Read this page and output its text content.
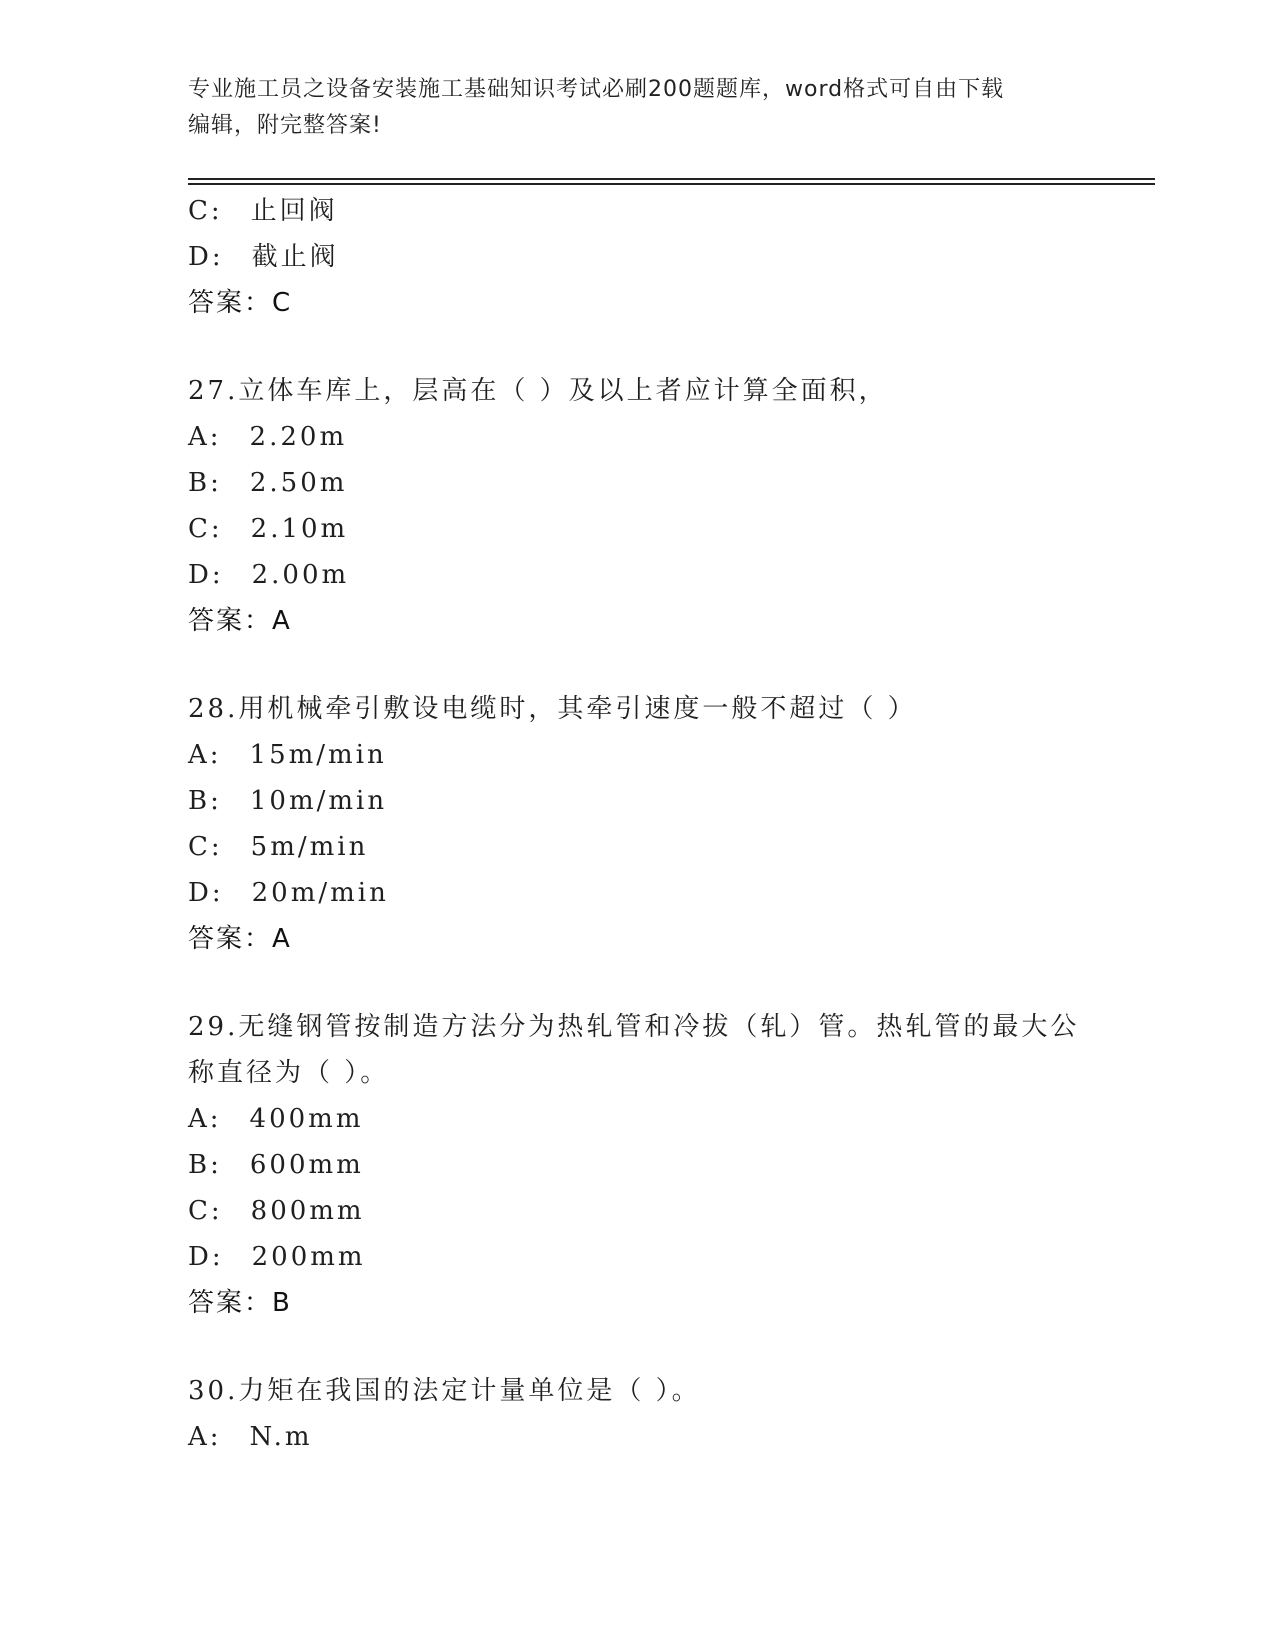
专业施工员之设备安装施工基础知识考试必刷200题题库，word格式可自由下载
编辑，附完整答案!
C: 止回阀
D: 截止阀
答案：C
27.立体车库上，层高在（ ）及以上者应计算全面积，
A: 2.20m
B: 2.50m
C: 2.10m
D: 2.00m
答案：A
28.用机械牵引敷设电缆时，其牵引速度一般不超过（ ）
A: 15m/min
B: 10m/min
C: 5m/min
D: 20m/min
答案：A
29.无缝钢管按制造方法分为热轧管和冷拔（轧）管。热轧管的最大公
称直径为（ ）。
A: 400mm
B: 600mm
C: 800mm
D: 200mm
答案：B
30.力矩在我国的法定计量单位是（ ）。
A: N.m
